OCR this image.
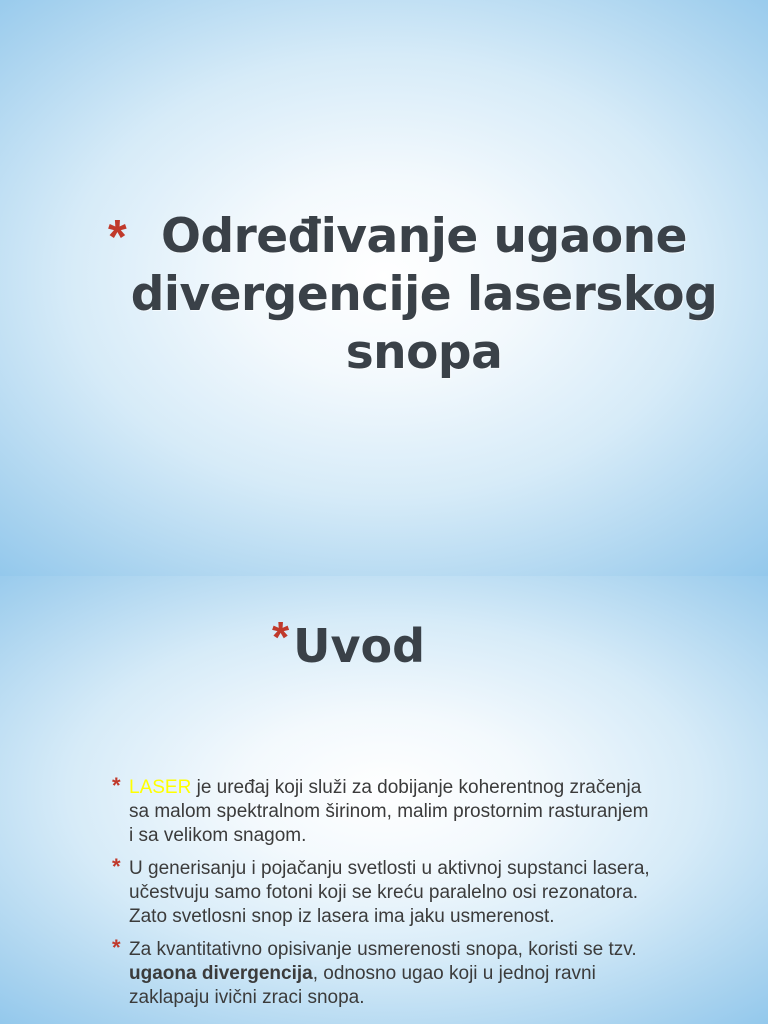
* Određivanje ugaone
divergencije laserskog
snopa
* Uvod
* LASER je uređaj koji služi za dobijanje koherentnog zračenja sa malom spektralnom širinom, malim prostornim rasturanjem i sa velikom snagom.
* U generisanju i pojačanju svetlosti u aktivnoj supstanci lasera, učestvuju samo fotoni koji se kreću paralelno osi rezonatora. Zato svetlosni snop iz lasera ima jaku usmerenost.
* Za kvantitativno opisivanje usmerenosti snopa, koristi se tzv. ugaona divergencija, odnosno ugao koji u jednoj ravni zaklapaju ivični zraci snopa.
